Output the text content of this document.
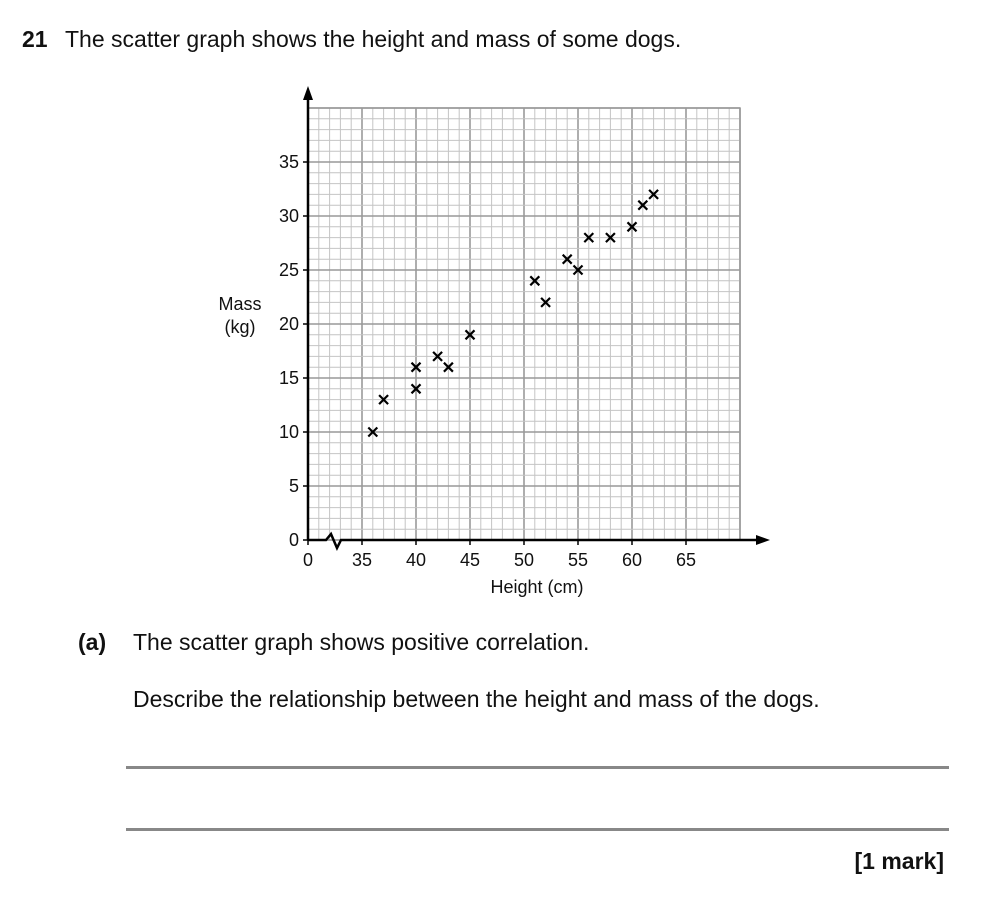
21 The scatter graph shows the height and mass of some dogs.
0
5
10
15
20
25
30
35
0 35 40 45 50 55 60 65
Height (cm)
Mass
(kg)
(a) The scatter graph shows positive correlation.
Describe the relationship between the height and mass of the dogs.
[1 mark]
